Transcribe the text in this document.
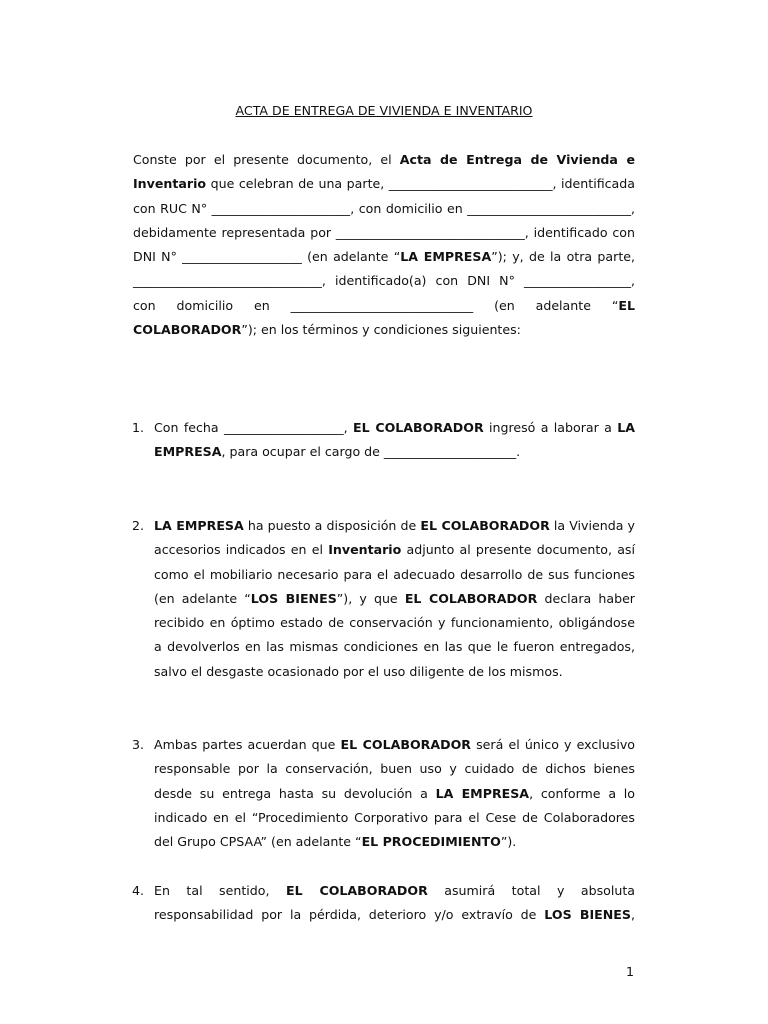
ACTA DE ENTREGA DE VIVIENDA E INVENTARIO

Conste por el presente documento, el Acta de Entrega de Vivienda e Inventario que celebran de una parte, __________________________, identificada con RUC N° ______________________, con domicilio en __________________________, debidamente representada por ______________________________, identificado con DNI N° ___________________ (en adelante “LA EMPRESA”); y, de la otra parte, ______________________________, identificado(a) con DNI N° _________________, con domicilio en _____________________________ (en adelante “EL COLABORADOR”); en los términos y condiciones siguientes:

1. Con fecha ___________________, EL COLABORADOR ingresó a laborar a LA EMPRESA, para ocupar el cargo de _____________________.

2. LA EMPRESA ha puesto a disposición de EL COLABORADOR la Vivienda y accesorios indicados en el Inventario adjunto al presente documento, así como el mobiliario necesario para el adecuado desarrollo de sus funciones (en adelante “LOS BIENES”), y que EL COLABORADOR declara haber recibido en óptimo estado de conservación y funcionamiento, obligándose a devolverlos en las mismas condiciones en las que le fueron entregados, salvo el desgaste ocasionado por el uso diligente de los mismos.

3. Ambas partes acuerdan que EL COLABORADOR será el único y exclusivo responsable por la conservación, buen uso y cuidado de dichos bienes desde su entrega hasta su devolución a LA EMPRESA, conforme a lo indicado en el “Procedimiento Corporativo para el Cese de Colaboradores del Grupo CPSAA” (en adelante “EL PROCEDIMIENTO”).

4. En tal sentido, EL COLABORADOR asumirá total y absoluta responsabilidad por la pérdida, deterioro y/o extravío de LOS BIENES,

1
